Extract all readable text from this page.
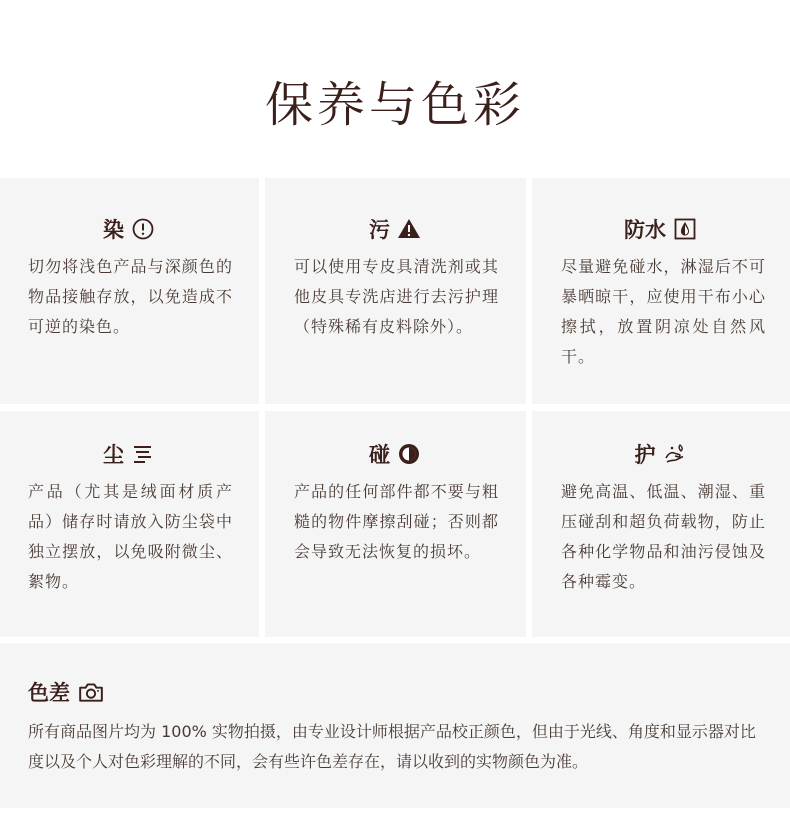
保养与色彩
染
切勿将浅色产品与深颜色的物品接触存放，以免造成不可逆的染色。
污
可以使用专皮具清洗剂或其他皮具专洗店进行去污护理（特殊稀有皮料除外）。
防水
尽量避免碰水，淋湿后不可暴晒晾干，应使用干布小心擦拭，放置阴凉处自然风干。
尘
产品（尤其是绒面材质产品）储存时请放入防尘袋中独立摆放，以免吸附微尘、絮物。
碰
产品的任何部件都不要与粗糙的物件摩擦刮碰；否则都会导致无法恢复的损坏。
护
避免高温、低温、潮湿、重压碰刮和超负荷载物，防止各种化学物品和油污侵蚀及各种霉变。
色差
所有商品图片均为 100% 实物拍摄，由专业设计师根据产品校正颜色，但由于光线、角度和显示器对比度以及个人对色彩理解的不同，会有些许色差存在，请以收到的实物颜色为准。
